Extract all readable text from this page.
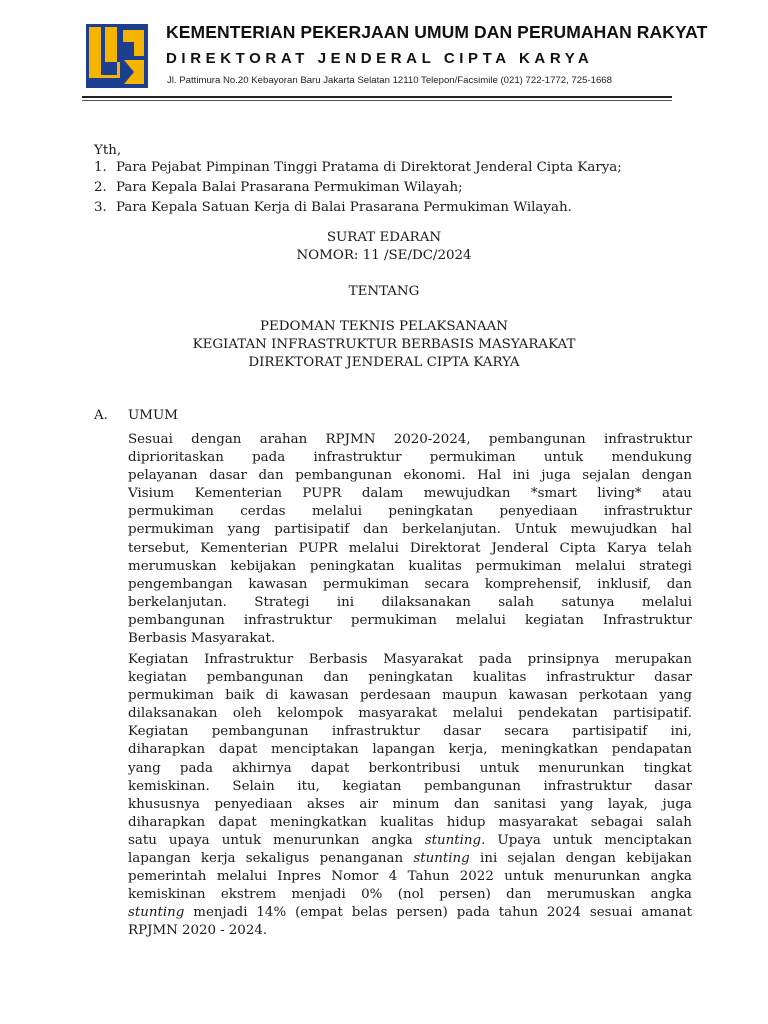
KEMENTERIAN PEKERJAAN UMUM DAN PERUMAHAN RAKYAT
DIREKTORAT JENDERAL CIPTA KARYA
Jl. Pattimura No.20 Kebayoran Baru Jakarta Selatan 12110 Telepon/Facsimile (021) 722-1772, 725-1668
Yth,
1. Para Pejabat Pimpinan Tinggi Pratama di Direktorat Jenderal Cipta Karya;
2. Para Kepala Balai Prasarana Permukiman Wilayah;
3. Para Kepala Satuan Kerja di Balai Prasarana Permukiman Wilayah.
SURAT EDARAN
NOMOR: 11 /SE/DC/2024
TENTANG
PEDOMAN TEKNIS PELAKSANAAN
KEGIATAN INFRASTRUKTUR BERBASIS MASYARAKAT
DIREKTORAT JENDERAL CIPTA KARYA
A. UMUM
Sesuai dengan arahan RPJMN 2020-2024, pembangunan infrastruktur
diprioritaskan pada infrastruktur permukiman untuk mendukung
pelayanan dasar dan pembangunan ekonomi. Hal ini juga sejalan dengan
Visium Kementerian PUPR dalam mewujudkan *smart living* atau
permukiman cerdas melalui peningkatan penyediaan infrastruktur
permukiman yang partisipatif dan berkelanjutan. Untuk mewujudkan hal
tersebut, Kementerian PUPR melalui Direktorat Jenderal Cipta Karya telah
merumuskan kebijakan peningkatan kualitas permukiman melalui strategi
pengembangan kawasan permukiman secara komprehensif, inklusif, dan
berkelanjutan. Strategi ini dilaksanakan salah satunya melalui
pembangunan infrastruktur permukiman melalui kegiatan Infrastruktur
Berbasis Masyarakat.
Kegiatan Infrastruktur Berbasis Masyarakat pada prinsipnya merupakan
kegiatan pembangunan dan peningkatan kualitas infrastruktur dasar
permukiman baik di kawasan perdesaan maupun kawasan perkotaan yang
dilaksanakan oleh kelompok masyarakat melalui pendekatan partisipatif.
Kegiatan pembangunan infrastruktur dasar secara partisipatif ini,
diharapkan dapat menciptakan lapangan kerja, meningkatkan pendapatan
yang pada akhirnya dapat berkontribusi untuk menurunkan tingkat
kemiskinan. Selain itu, kegiatan pembangunan infrastruktur dasar
khususnya penyediaan akses air minum dan sanitasi yang layak, juga
diharapkan dapat meningkatkan kualitas hidup masyarakat sebagai salah
satu upaya untuk menurunkan angka stunting. Upaya untuk menciptakan
lapangan kerja sekaligus penanganan stunting ini sejalan dengan kebijakan
pemerintah melalui Inpres Nomor 4 Tahun 2022 untuk menurunkan angka
kemiskinan ekstrem menjadi 0% (nol persen) dan merumuskan angka
stunting menjadi 14% (empat belas persen) pada tahun 2024 sesuai amanat
RPJMN 2020 - 2024.
